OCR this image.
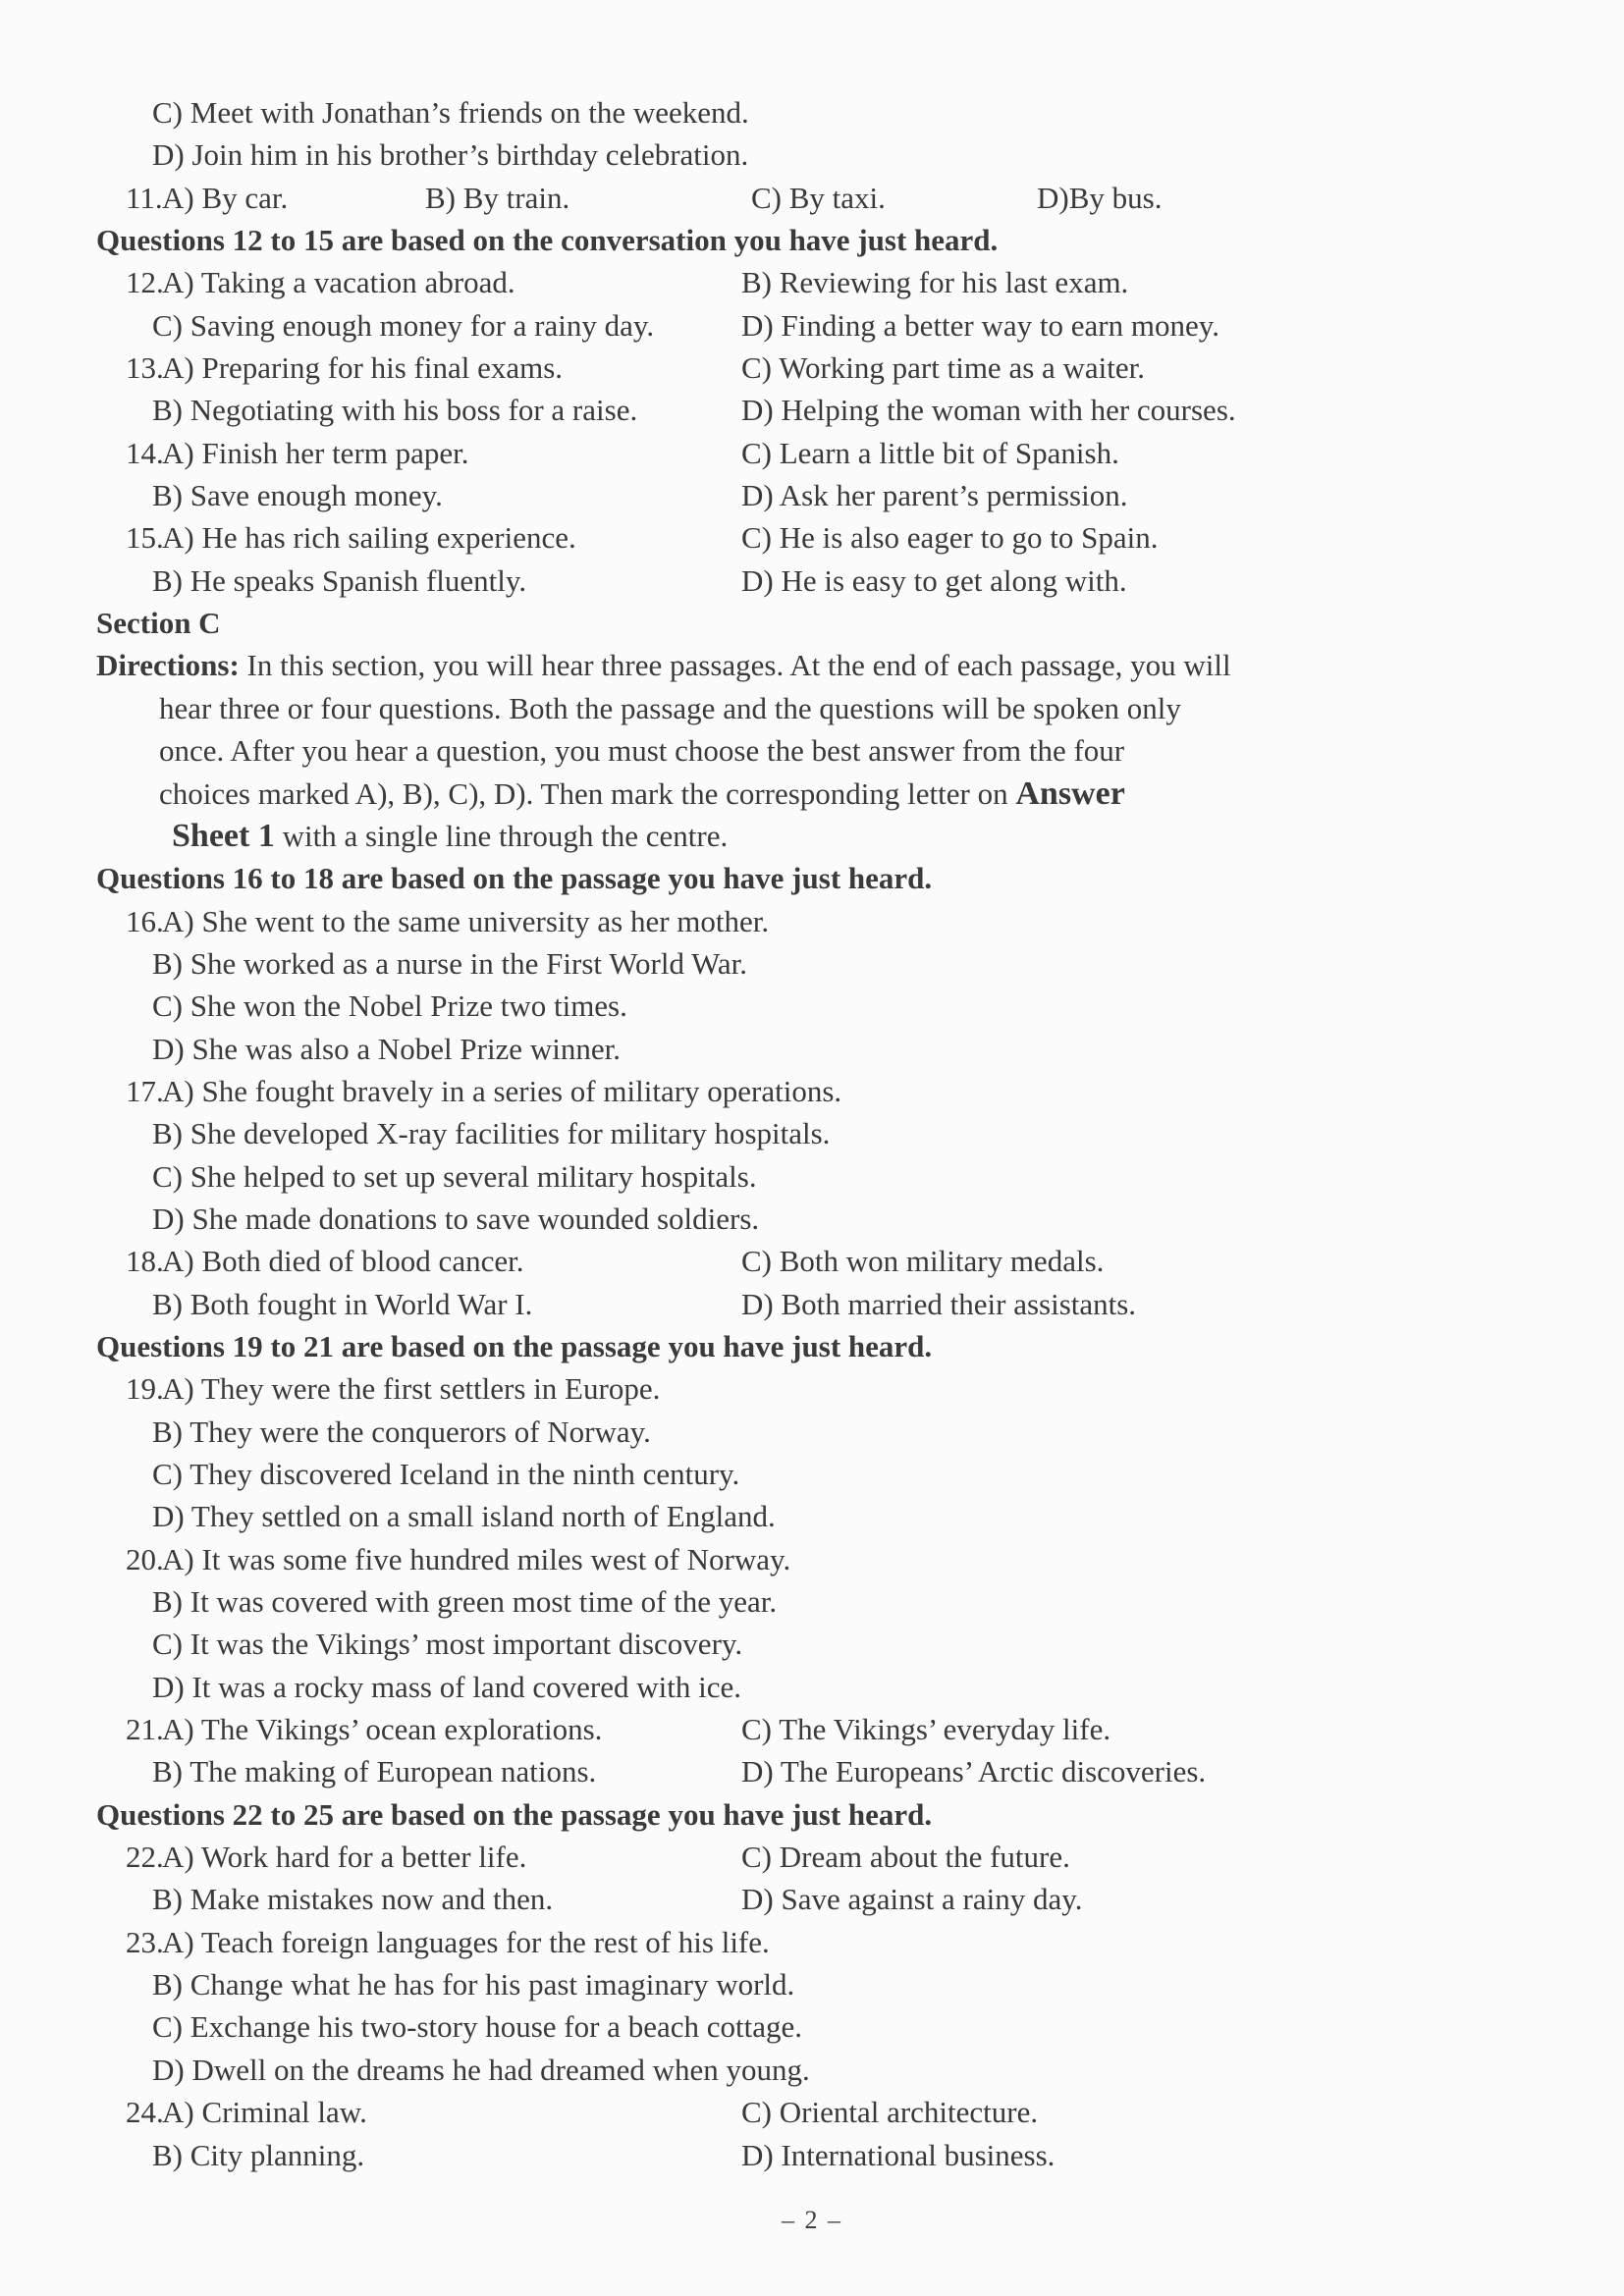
C) Meet with Jonathan’s friends on the weekend.
D) Join him in his brother’s birthday celebration.
11. A) By car.	B) By train.	C) By taxi.	D)By bus.
Questions 12 to 15 are based on the conversation you have just heard.
12.
A) Taking a vacation abroad.	B) Reviewing for his last exam.
C) Saving enough money for a rainy day.	D) Finding a better way to earn money.
13.
A) Preparing for his final exams.	C) Working part time as a waiter.
B) Negotiating with his boss for a raise.	D) Helping the woman with her courses.
14.
A) Finish her term paper.	C) Learn a little bit of Spanish.
B) Save enough money.	D) Ask her parent’s permission.
15.
A) He has rich sailing experience.	C) He is also eager to go to Spain.
B) He speaks Spanish fluently.	D) He is easy to get along with.
Section C
Directions: In this section, you will hear three passages. At the end of each passage, you will
hear three or four questions. Both the passage and the questions will be spoken only
once. After you hear a question, you must choose the best answer from the four
choices marked A), B), C), D). Then mark the corresponding letter on Answer
Sheet 1 with a single line through the centre.
Questions 16 to 18 are based on the passage you have just heard.
16.
A) She went to the same university as her mother.
B) She worked as a nurse in the First World War.
C) She won the Nobel Prize two times.
D) She was also a Nobel Prize winner.
17.
A) She fought bravely in a series of military operations.
B) She developed X-ray facilities for military hospitals.
C) She helped to set up several military hospitals.
D) She made donations to save wounded soldiers.
18.
A) Both died of blood cancer.	C) Both won military medals.
B) Both fought in World War I.	D) Both married their assistants.
Questions 19 to 21 are based on the passage you have just heard.
19.
A) They were the first settlers in Europe.
B) They were the conquerors of Norway.
C) They discovered Iceland in the ninth century.
D) They settled on a small island north of England.
20.
A) It was some five hundred miles west of Norway.
B) It was covered with green most time of the year.
C) It was the Vikings’ most important discovery.
D) It was a rocky mass of land covered with ice.
21.
A) The Vikings’ ocean explorations.	C) The Vikings’ everyday life.
B) The making of European nations.	D) The Europeans’ Arctic discoveries.
Questions 22 to 25 are based on the passage you have just heard.
22.
A) Work hard for a better life.	C) Dream about the future.
B) Make mistakes now and then.	D) Save against a rainy day.
23.
A) Teach foreign languages for the rest of his life.
B) Change what he has for his past imaginary world.
C) Exchange his two-story house for a beach cottage.
D) Dwell on the dreams he had dreamed when young.
24.
A) Criminal law.	C) Oriental architecture.
B) City planning.	D) International business.
– 2 –
